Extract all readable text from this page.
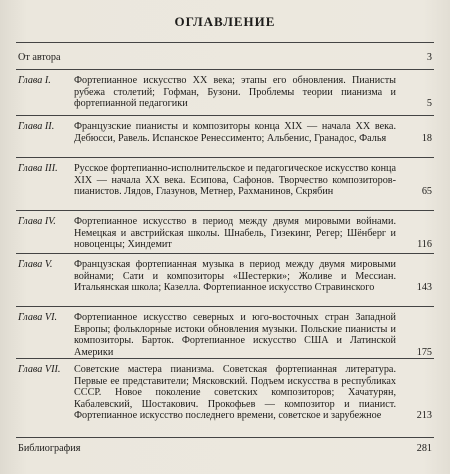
ОГЛАВЛЕНИЕ
От автора	3
Глава I. Фортепианное искусство XX века; этапы его обновления. Пианисты рубежа столетий; Гофман, Бузони. Проблемы теории пианизма и фортепианной педагогики	5
Глава II. Французские пианисты и композиторы конца XIX — начала XX века. Дебюсси, Равель. Испанское Ренессиментo; Альбенис, Гранадос, Фалья	18
Глава III. Русское фортепианно-исполнительское и педагогическое искусство конца XIX — начала XX века. Есипова, Сафонов. Творчество композиторов-пианистов. Лядов, Глазунов, Метнер, Рахманинов, Скрябин	65
Глава IV. Фортепианное искусство в период между двумя мировыми войнами. Немецкая и австрийская школы. Шнабель, Гизекинг, Регер; Шёнберг и новоценцы; Хиндемит	116
Глава V. Французская фортепианная музыка в период между двумя мировыми войнами; Сати и композиторы «Шестерки»; Жоливе и Мессиан. Итальянская школа; Казелла. Фортепианное искусство Стравинского	143
Глава VI. Фортепианное искусство северных и юго-восточных стран Западной Европы; фольклорные истоки обновления музыки. Польские пианисты и композиторы. Барток. Фортепианное искусство США и Латинской Америки	175
Глава VII. Советские мастера пианизма. Советская фортепианная литература. Первые ее представители; Мясковский. Подъем искусства в республиках СССР. Новое поколение советских композиторов; Хачатурян, Кабалевский, Шостакович. Прокофьев — композитор и пианист. Фортепианное искусство последнего времени, советское и зарубежное	213
Библиография	281
